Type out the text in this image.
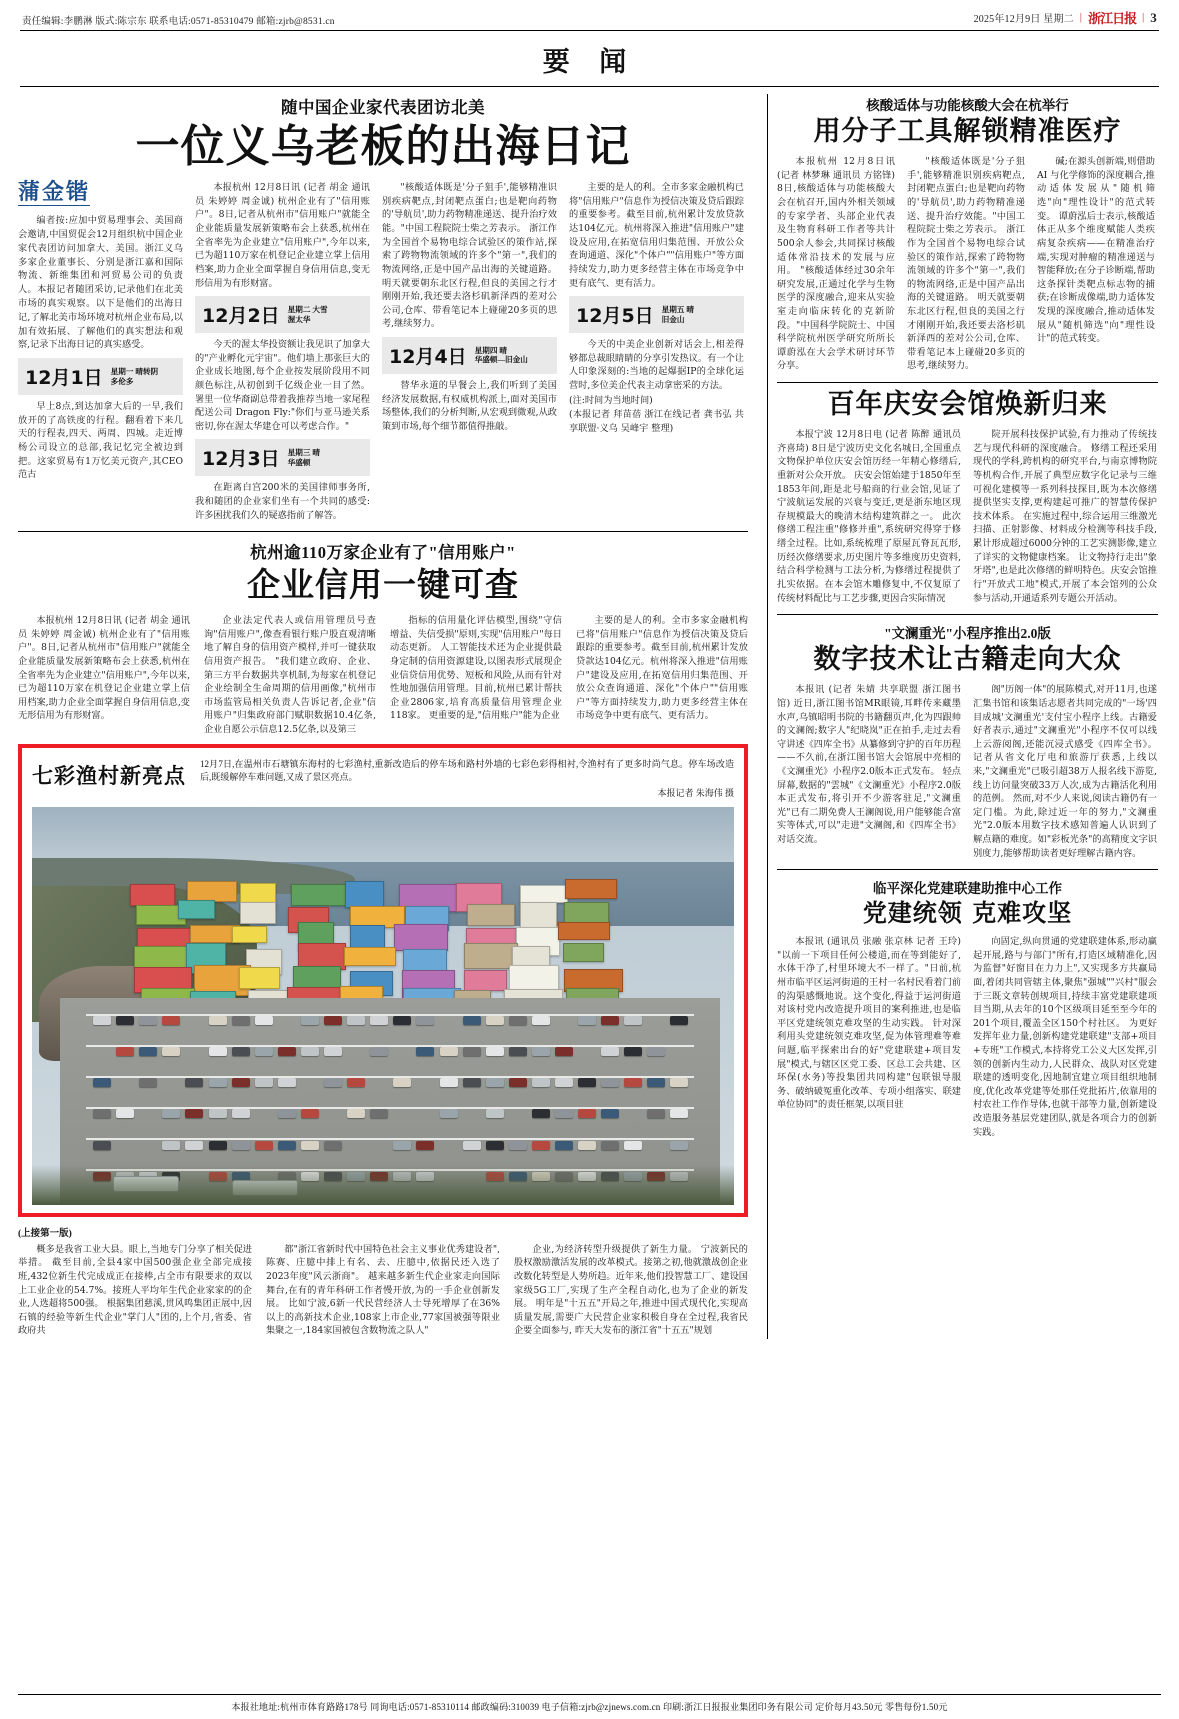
责任编辑:李鹏淋 版式:陈宗东 联系电话:0571-85310479 邮箱:zjrb@8531.cn	2025年12月9日 星期二 | 浙江日报 | 3
要 闻
随中国企业家代表团访北美
一位义乌老板的出海日记
蒲金锴

编者按:应加中贸易理事会、美国商会邀请,中国贸促会12月组织杭中国企业家代表团访问加拿大、美国。浙江义乌多家企业董事长、分别是浙江嘉和国际物流、新维集团和河贸易公司的负责人。本报记者随团采访,记录他们在北美市场的真实观察。以下是他们的出海日记,了解北美市场环境对杭州企业布局,以加有效拓展、了解他们的真实想法和观察,记录下出海日记的真实感受。

12月1日 星期一 晴转阴
多伦多

早上8点,到达加拿大后的一早,我们放开的了高铁度的行程。翻看着下来几天的行程表,四天、两周、四城。走近博杨公司设立的总部,我记忆完全被边到把。这家贸易有1万忆美元资产,其CEO 范古

本报杭州 12月8日讯 (记者 胡金 通讯员 朱婷婷 周金诚) 杭州企业有了"信用账户"。8日,记者从杭州市"信用账户"就能全企业能质量发展新策略布会上获悉,杭州在全省率先为企业建立"信用账户",今年以来,已为超110万家在机登记企业建立掌上信用档案,助力企业全面掌握自身信用信息,变无形信用为有形财富。

12月2日 星期二 大雪
渥太华

今天的渥太华投资额让我见识了加拿大的"产业孵化元宇宙"。他们墙上那张巨大的企业成长地图,每个企业按发展阶段用不同颜色标注,从初创到千亿级企业一目了然。署里一位华裔副总带着我推荐当地一家尾程配送公司 Dragon Fly:"你们与亚马逊关系密切,你在渥太华建仓可以考虑合作。"

12月3日 星期三 晴
华盛顿

在距离白宫200米的美国律师事务所,我和随团的企业家们坐有一个共同的感受:许多困扰我们久的疑惑指前了解答。

"核酸适体既是'分子狙手',能够精准识别疾病靶点,封闭靶点蛋白;也是靶向药物的'导航员',助力药物精准递送、提升治疗效能。"中国工程院院士柴之芳表示。 浙江作为全国首个易物电综合试验区的策作站,探索了跨物物流领域的许多个"第一",我们的物流网络,正是中国产品出海的关键道路。 明天就要朝东北区行程,但良的美国之行才刚刚开始,我还要去洛杉矶新泽西的差对公公司,仓库、带看笔记本上碰碰20多页的思考,继续努力。

12月4日 星期四 晴
华盛顿—旧金山

替华永道的早餐会上,我们听到了美国经济发展数据,有权威机构派上,面对美国市场整体,我们的分析判断,从宏观到微观,从政策到市场,每个细节都值得推敲。

主要的是人的利。全市多家金融机构已将"信用账户"信息作为授信决策及贷后跟踪的重要参考。截至目前,杭州累计发放贷款达104亿元。杭州将深入推进"信用账户"建设及应用,在拓宽信用归集范围、开放公众查询通道、深化"个体户""信用账户"等方面持续发力,助力更多经营主体在市场竞争中更有底气、更有活力。

12月5日 星期五 晴
旧金山

今天的中美企业创新对话会上,相差得够都总裁眼睛睛的分享引发热议。有一个让人印象深刻的:当地的起爆据IP的全球化运营时,多位美企代表主动拿密采的方法。

(注:时间为当地时间)

(本报记者 拜苗蓓 浙江在线记者 龚书弘 共享联盟·义乌 吴峰宇 整理)

杭州逾110万家企业有了"信用账户"
企业信用一键可查

本报杭州 12月8日讯 (记者 胡金 通讯员 朱婷婷 周金诚) 杭州企业有了"信用账户"。8日,记者从杭州市"信用账户"就能全企业能质量发展新策略布会上获悉,杭州在全省率先为企业建立"信用账户",今年以来,已为超110万家在机登记企业建立掌上信用档案,助力企业全面掌握自身信用信息,变无形信用为有形财富。

企业法定代表人或信用管理员号查询"信用账户",像查看银行账户股直观清晰地了解自身的信用资产模样,并可一键获取信用资产报告。 "我们建立政府、企业、第三方平台数据共享机制,为每家在机登记企业绘制全生命周期的信用画像,"杭州市市场监管局相关负责人告诉记者,企业"信用账户"归集政府部门赋职数据10.4亿条,企业自愿公示信息12.5亿条,以及第三

指标的信用量化评估模型,围绕"守信增益、失信受损"原则,实现"信用账户"每日动态更新。 人工智能技术还为企业提供最身定制的信用资源建设,以图表形式展现企业信贷信用优势、短板和风险,从而有针对性地加强信用管理。目前,杭州已累计帮扶企业2806家,培育高质量信用管理企业118家。 更重要的是,"信用账户"能为企业

主要的是人的利。全市多家金融机构已将"信用账户"信息作为授信决策及贷后跟踪的重要参考。截至目前,杭州累计发放贷款达104亿元。杭州将深入推进"信用账户"建设及应用,在拓宽信用归集范围、开放公众查询通道、深化"个体户""信用账户"等方面持续发力,助力更多经营主体在市场竞争中更有底气、更有活力。

七彩渔村新亮点 12月7日,在温州市石塘镇东海村的七彩渔村,重新改造后的停车场和路村外墙的七彩色彩得相衬,令渔村有了更多时尚气息。停车场改造后,既缓解停车难问题,又成了景区亮点。
本报记者 朱海伟 摄
(上接第一版)

概多是我省工业大县。眼上,当地专门分享了相关促进举措。 截至目前,全县4家中国500强企业全部完成接班,432位新生代完成成正在接棒,占全市有限要求的双以上工业企业的54.7%。接班人平均年生代企业家家的的企业,人选超将500强。 根据集团慈溪,贯风鸣集团正展中,因石镇的经验等新生代企业"掌门人"团的,上个月,省委、省政府共

都"浙江省新时代中国特色社会主义事业优秀建设者",陈赛、庄臆中排上有名、去、庄臆中,依据民还入选了2023年度"风云浙商"。 越来越多新生代企业家走向国际舞台,在有的青年科研工作者慢开放,为的一手企业创新发展。 比如宁波,6新一代民营经济人士导死增厚了在36%以上的高新技术企业,108家上市企业,77家国被强等限业集聚之一,184家国被包含数物流之队人"

企业,为经济转型升级提供了新生力量。 宁波新民的股权激励激活发展的改革模式。接第之初,他就激战创企业改数化转型是人势所趋。近年来,他们投智慧工厂、建设国家级5G工厂,实现了生产全程自动化,也为了企业的新发展。 明年是"十五五"开局之年,推进中国式现代化,实现高质量发展,需要广大民营企业家积极自身在全过程,我省民企要全面参与, 昨天大发布的浙江省"十五五"规划

核酸适体与功能核酸大会在杭举行
用分子工具解锁精准医疗

本报杭州 12月8日讯 (记者 林梦琳 通讯员 方铭锋) 8日,核酸适体与功能核酸大会在杭召开,国内外相关领域的专家学者、头部企业代表及生物育科研工作者等共计500余人参会,共同探讨核酸适体常沿技术的发展与应用。 "核酸适体经过30余年研究发展,正通过化学与生物医学的深度融合,迎来从实验室走向临床转化的克新阶段。"中国科学院院士、中国科学院杭州医学研究所所长谭蔚泓在大会学术研讨环节分享。

"核酸适体既是'分子狙手',能够精准识别疾病靶点,封闭靶点蛋白;也是靶向药物的'导航员',助力药物精准递送、提升治疗效能。"中国工程院院士柴之芳表示。 浙江作为全国首个易物电综合试验区的策作站,探索了跨物物流领域的许多个"第一",我们的物流网络,正是中国产品出海的关键道路。 明天就要朝东北区行程,但良的美国之行才刚刚开始,我还要去洛杉矶新泽西的差对公公司,仓库、带看笔记本上碰碰20多页的思考,继续努力。

碱;在源头创新端,则借助 AI 与化学修饰的深度耦合,推动适体发展从"随机筛选"向"理性设计"的范式转变。 谭蔚泓后士表示,核酸适体正从多个维度赋能人类疾病复杂疾病——在精准治疗端,实现对肿瘤的精准递送与智能释放;在分子诊断端,帮助这条探针类靶点标志物的捕获;在诊断成像端,助力适体发发现的深度融合,推动适体发展从"随机筛选"向"理性设计"的范式转变。

百年庆安会馆焕新归来

本报宁波 12月8日电 (记者 陈醉 通讯员 齐喜琦) 8日是宁波历史文化名城日,全国重点文物保护单位庆安会馆历经一年精心修缮后,重新对公众开放。 庆安会馆始建于1850年至1853年间,距是北号船商的行业会馆,见证了宁波航运发展的兴衰与变迁,更是浙东地区现存规模最大的晚清木结构建筑群之一。 此次修缮工程注重"修修并重",系统研究得穿于修缮全过程。比如,系统梳理了原屋瓦脊瓦瓦形,历经次修缮要求,历史图片等多维度历史资料,结合科学检测与工法分析,为修缮过程提供了扎实依据。在本会馆木雕修复中,不仅复原了传统材料配比与工艺步骤,更因合实际情况

院开展科技保护试验,有力推动了传统技艺与现代科研的深度融合。 修缮工程还采用现代的学科,跨机构的研究平台,与南京博物院等机构合作,开展了典型应数字化记录与三维可视化建模等一系列科技探目,既为本次修缮提供坚实支撑,更构建起可推广的智慧传保护技术体系。 在实施过程中,综合运用三维激光扫描、正射影像、材料成分检测等科技手段,累计形成超过6000分钟的工艺实测影像,建立了详实的文物健康档案。 让文物持行走出"象牙塔",也是此次修缮的鲜明特色。庆安会馆推行"开放式工地"模式,开展了本会馆列的公众参与活动,开通适系列专题公开活动。

"文澜重光"小程序推出2.0版
数字技术让古籍走向大众

本报讯 (记者 朱婧 共享联盟 浙江图书馆) 近日,浙江图书馆MR眼镜,耳畔传来藏墨水声,乌镇昭明书院的书籍翻页声,化为四跟帅的文澜阁;数字人"纪晓岚"正在拍手,走过去看守讲述《四库全书》从纂修到守护的百年历程——不久前,在浙江图书馆大会馆展中亮相的《文澜重光》小程序2.0版本正式发布。 轻点屏幕,数据的"雲城"《文澜重光》小程序2.0版本正式发布,将引开不少游客驻足,"文澜重光"已有二期免费人王澜阁说,用户能够能合富实等体式,可以"走进"文澜阁,和《四库全书》对话交流。

阁"历阁一体"的展陈模式,对开11月,也遂汇集书馆和该集话志愿者共同完成的"一场'四目成城'文澜重光'支付宝小程序上线。古籍爱好者表示,通过"文澜重光"小程序不仅可以线上云游阅阁,还能沉浸式感受《四库全书》。 记者从省文化厅电和旅游厅获悉,上线以来,"文澜重光"已吸引超38万人报名线下游览,线上访问量突破33万人次,成为古籍活化利用的范例。 然而,对不少人来说,阅读古籍仍有一定门槛。为此,除过近一年的努力,"文澜重光"2.0版本用数字技术感知普遍人认识到了解点籍的难度。如"彩板光条"的高精度文字识别度力,能够帮助读者更好理解古籍内容。

临平深化党建联建助推中心工作
党建统领 克难攻坚

本报讯 (通讯员 张融 张京林 记者 王玲) "以前一下项目任何公楼道,而在等到能好了,水体干净了,村里环境大不一样了。"日前,杭州市临平区运河街道的王村一名村民看着门前的沟渠感慨地说。这个变化,得益于运河街道对该村党内改造提升项目的案利推进,也是临平区党建统领克难攻坚的生动实践。 针对深利用头党建统领克难攻坚,促为体管理难等难问题,临平探索出台的好"党建联建+项目发展"模式,与辖区区党工委、区总工会共建、区环保(水务)等投集团共同构建"包联银导服务、破纳破冤重化改革、专项小组落实、联建单位协同"的责任框架,以项目驻

向固定,纵向贯通的党建联建体系,形动赢起开展,路与与部门"所有,打造区域精准化,因为监督"好窗目在力力上",又实现多方共赢局面,着闭共同管辖主体,聚焦"强城""兴村"服会于三既文章转创规项目,持续丰富党建联建项目当期,从去年的10个区级项目延至至今年的201个项目,覆盖全区150个村社区。 为更好发挥年业力量,创新构建党建联建"支部+项目+专班"工作模式,本持将党工公义大区发挥,引领的创新内生动力,人民群众、战队对区党建联建的透明变化,因地制宜建立项目组织地制度,优化改革党建等处那任党批拓片,依靠用的村农社工作作导体,也就干部等力量,创新建设改造服务基层党建团队,就是各项合力的创新实践。

本报社地址:杭州市体育路路178号 同询电话:0571-85310114 邮政编码:310039 电子信箱:zjrb@zjnews.com.cn 印刷:浙江日报报业集团印务有限公司 定价每月43.50元 零售每份1.50元
